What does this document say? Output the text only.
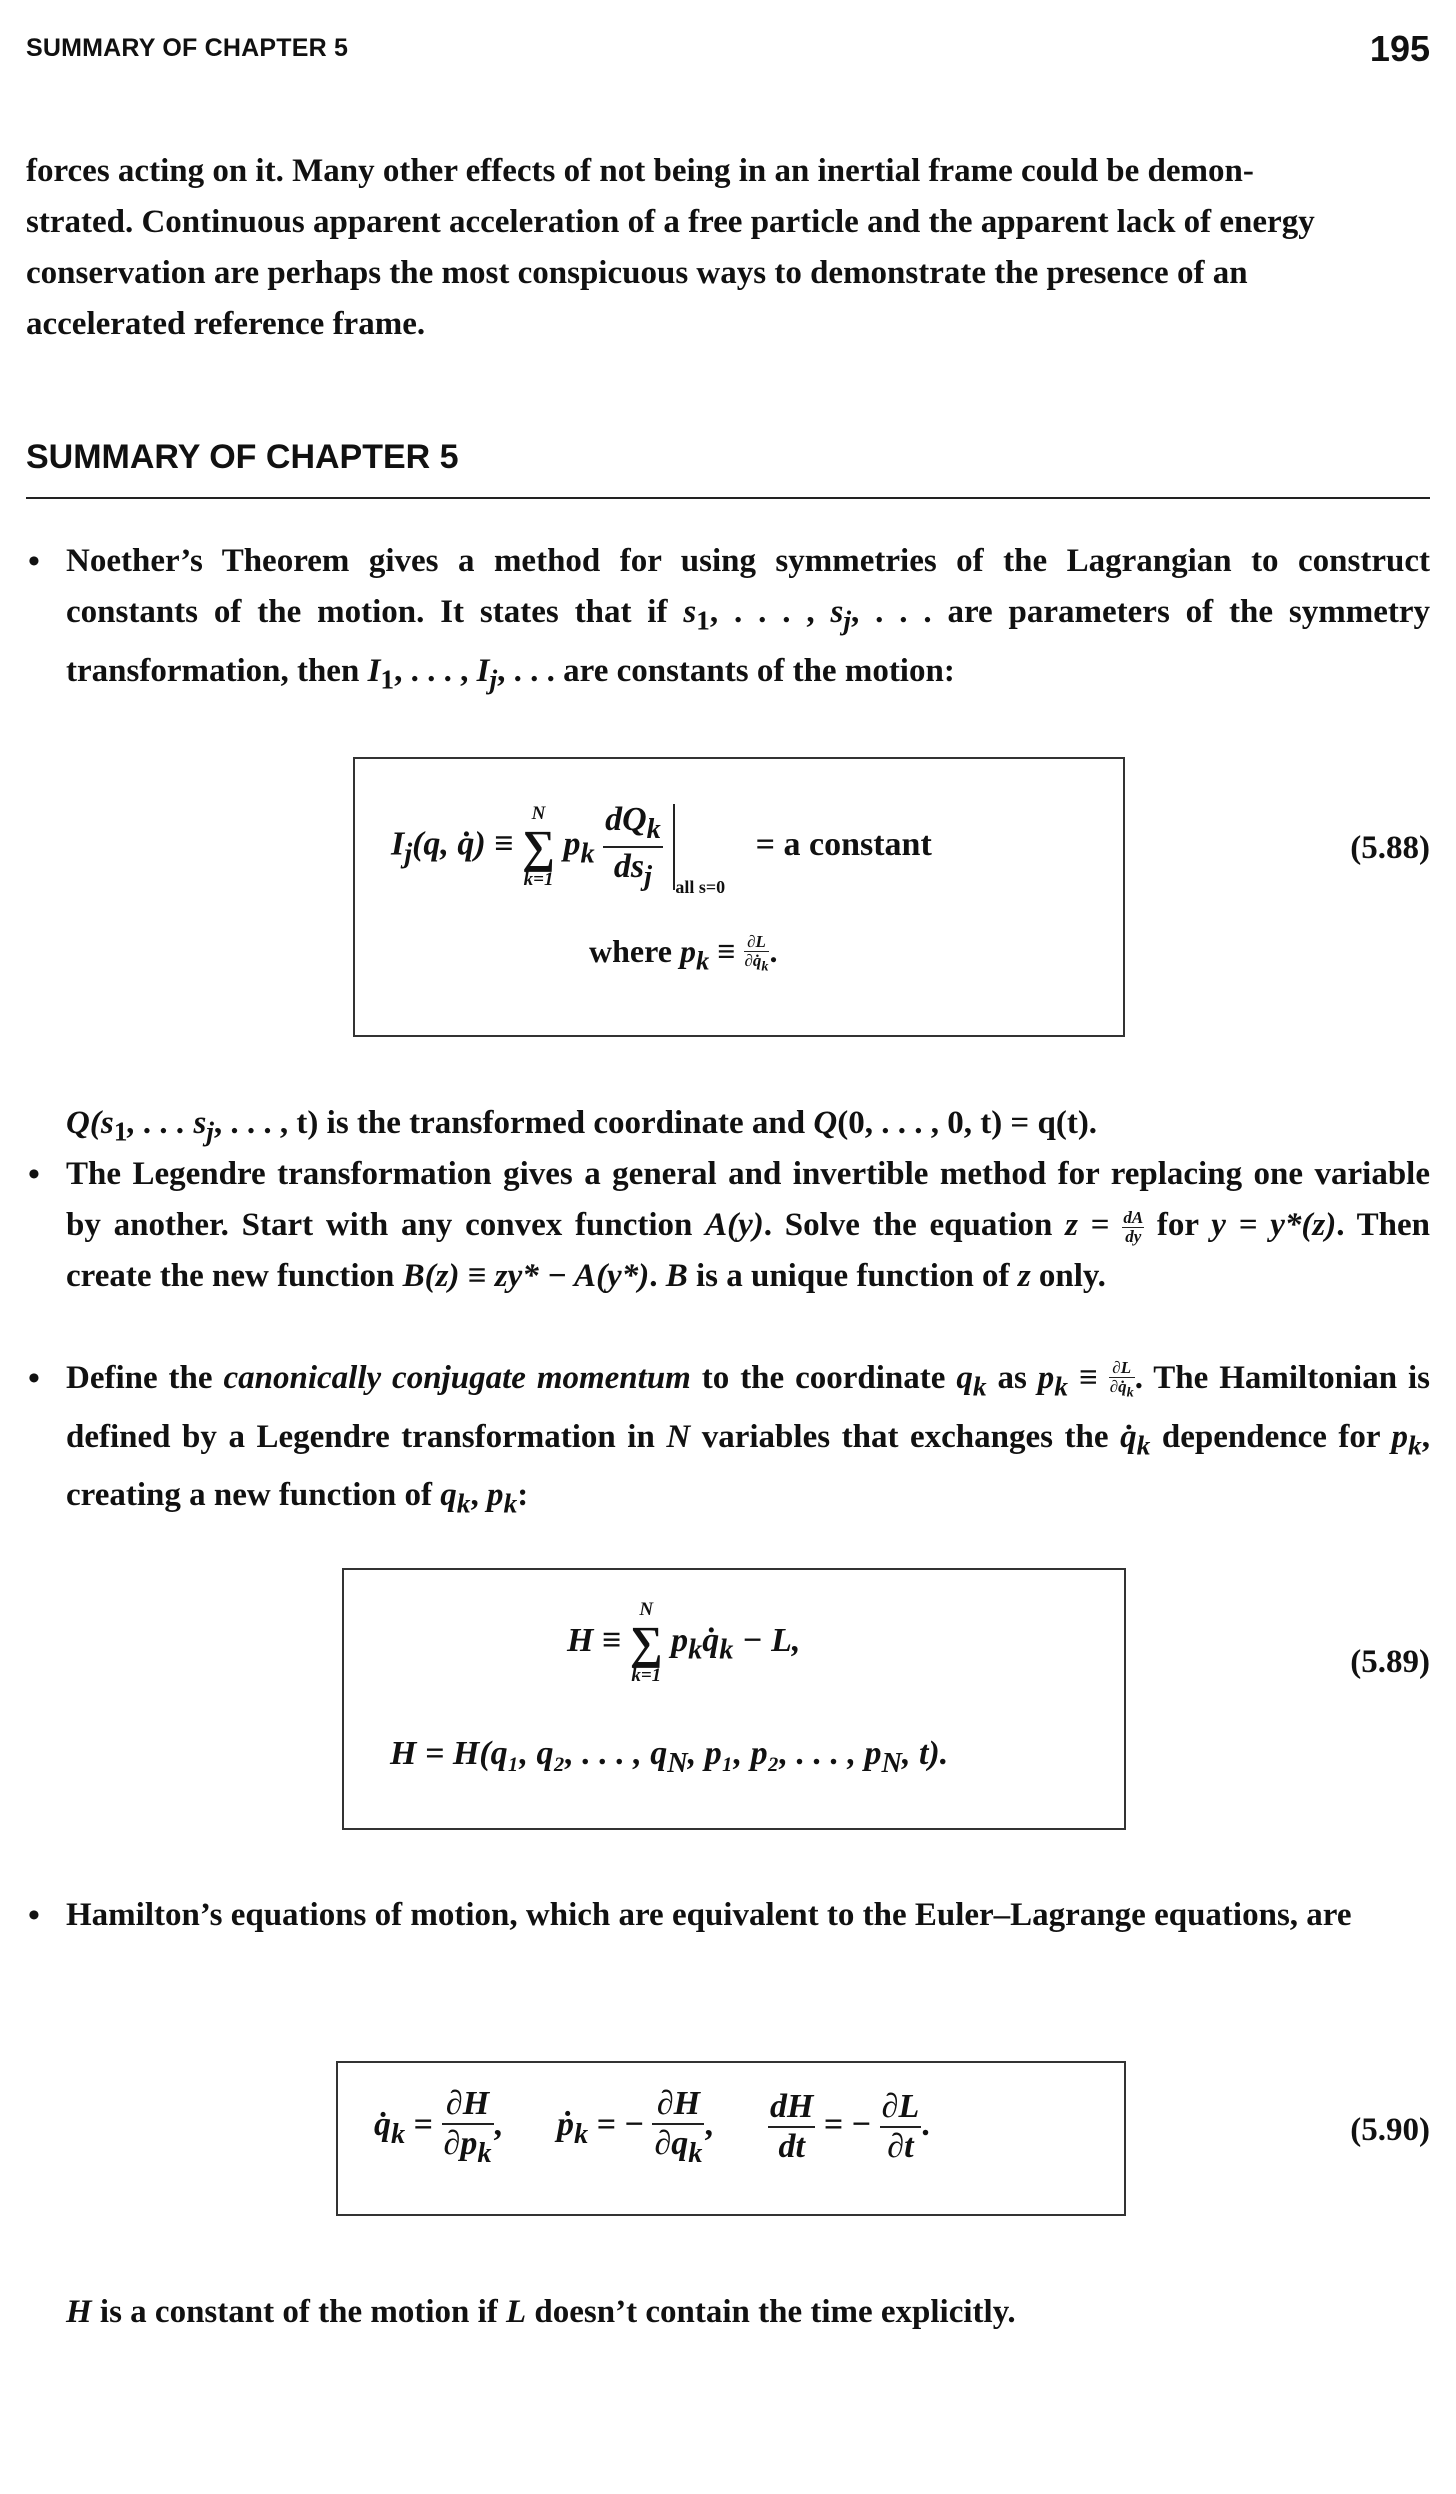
SUMMARY OF CHAPTER 5	195
forces acting on it. Many other effects of not being in an inertial frame could be demon-
strated. Continuous apparent acceleration of a free particle and the apparent lack of energy
conservation are perhaps the most conspicuous ways to demonstrate the presence of an
accelerated reference frame.
SUMMARY OF CHAPTER 5
• Noether’s Theorem gives a method for using symmetries of the Lagrangian to construct constants of the motion. It states that if $s_1$, . . . , $s_j$, . . . are parameters of the symmetry transformation, then $I_1$, . . . , $I_j$, . . . are constants of the motion:
$I_j(q$, q̇) ≡
N
∑
k=1
$p_k \frac{dQ_k}{ds_j}$ all s=0 = a constant
where $p_k \equiv \frac{\partial L}{\partial q̇_k}$ .
(5.88)
$Q(s_1$, . . . $s_j$, . . . , t) is the transformed coordinate and Q(0, . . . , 0, t) = q(t).
• The Legendre transformation gives a general and invertible method for replacing one variable by another. Start with any convex function A(y). Solve the equation $z = \frac{dA}{dy}$ for y = y*(z). Then create the new function B(z) ≡ zy* − A(y*). B is a unique function of z only.
• Define the canonically conjugate momentum to the coordinate $q_k$ as $p_k \equiv \frac{\partial L}{\partial q̇_k}$ . The Hamiltonian is defined by a Legendre transformation in N variables that exchanges the $q̇_k$ dependence for $p_k$, creating a new function of $q_k$, $p_k$:
H ≡
N
∑
k=1
$p_kq̇_k - L$,
H = H(q₁, q₂, . . . , $q_N$, p₁, p₂, . . . , $p_N$, t).
(5.89)
• Hamilton’s equations of motion, which are equivalent to the Euler–Lagrange equations, are
$q̇_k = \frac{\partial H}{\partial p_k}$ , ṗ$_k$ = − $\frac{\partial H}{\partial q_k}$ , $\frac{dH}{dt}$ = − $\frac{\partial L}{\partial t}$ .	(5.90)
H is a constant of the motion if L doesn’t contain the time explicitly.
